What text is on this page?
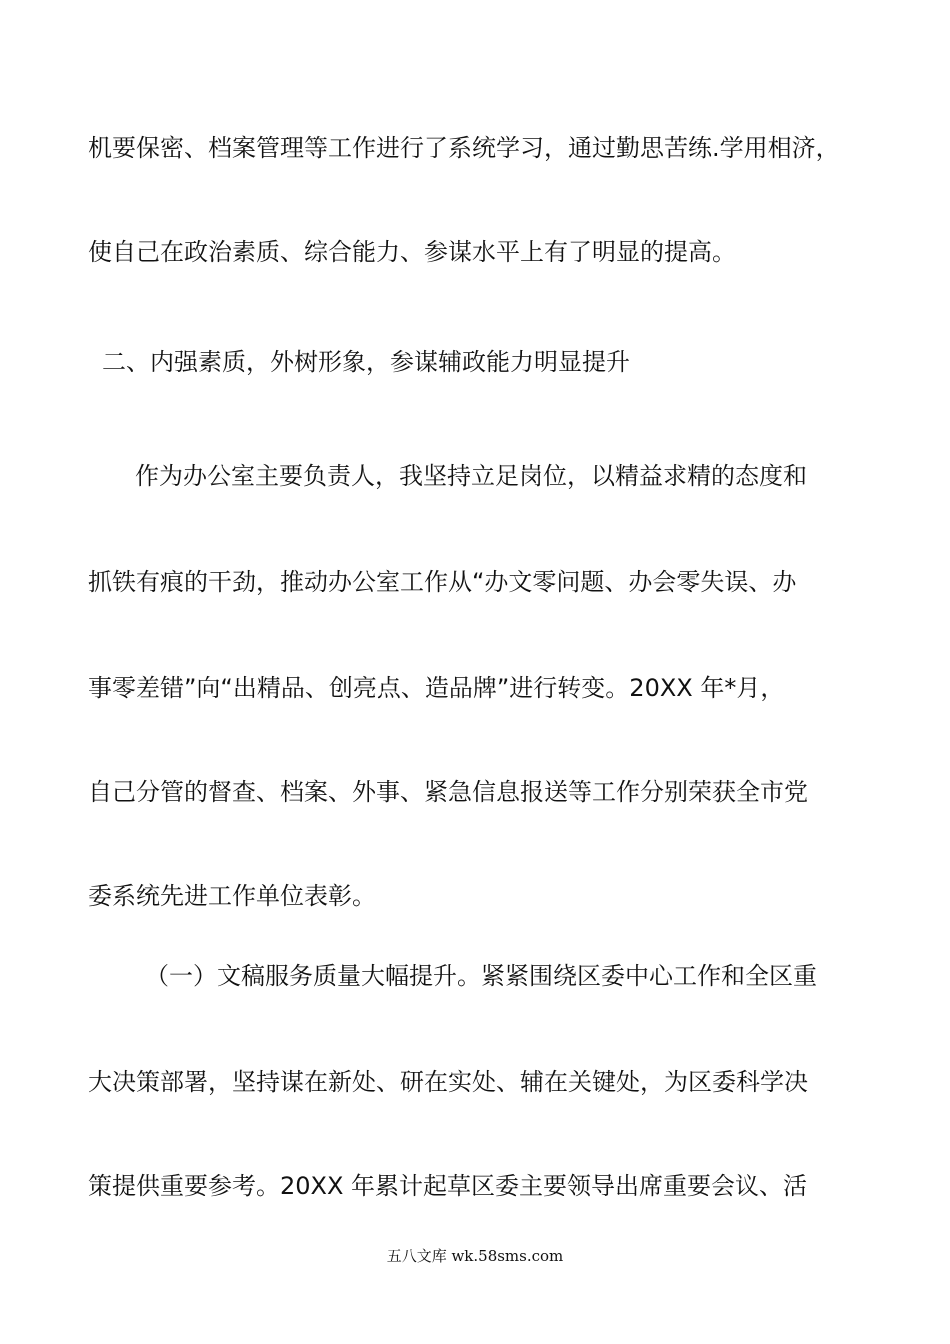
机要保密、档案管理等工作进行了系统学习，通过勤思苦练.学用相济，
使自己在政治素质、综合能力、参谋水平上有了明显的提高。
二、内强素质，外树形象，参谋辅政能力明显提升
作为办公室主要负责人，我坚持立足岗位，以精益求精的态度和
抓铁有痕的干劲，推动办公室工作从“办文零问题、办会零失误、办
事零差错”向“出精品、创亮点、造品牌”进行转变。20XX 年*月，
自己分管的督查、档案、外事、紧急信息报送等工作分别荣获全市党
委系统先进工作单位表彰。
（一）文稿服务质量大幅提升。紧紧围绕区委中心工作和全区重
大决策部署，坚持谋在新处、研在实处、辅在关键处，为区委科学决
策提供重要参考。20XX 年累计起草区委主要领导出席重要会议、活
五八文库 wk.58sms.com
